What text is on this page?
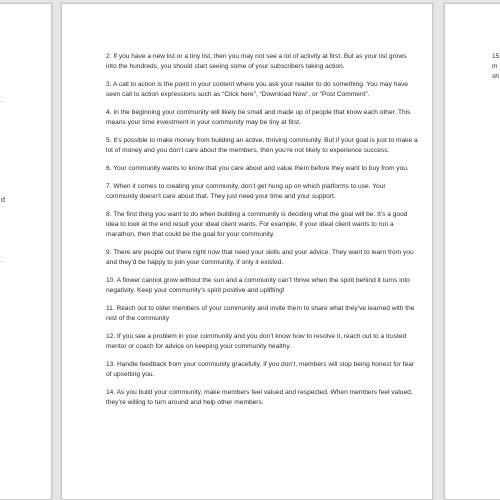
.
d
.

2. If you have a new list or a tiny list, then you may not see a lot of activity at first. But as your list grows into the hundreds, you should start seeing some of your subscribers taking action.

3. A call to action is the point in your content where you ask your reader to do something. You may have seen call to action expressions such as “Click here”, “Download Now”, or “Post Comment”.

4. In the beginning your community will likely be small and made up of people that know each other. This means your time investment in your community may be tiny at first.

5. It’s possible to make money from building an active, thriving community. But if your goal is just to make a lot of money and you don’t care about the members, then you’re not likely to experience success.

6. Your community wants to know that you care about and value them before they want to buy from you.

7. When it comes to creating your community, don’t get hung up on which platforms to use. Your community doesn’t care about that. They just need your time and your support.

8. The first thing you want to do when building a community is deciding what the goal will be. It’s a good idea to look at the end result your ideal client wants. For example, if your ideal client wants to run a marathon, then that could be the goal for your community.

9. There are people out there right now that need your skills and your advice. They want to learn from you and they’d be happy to join your community, if only it existed.

10. A flower cannot grow without the sun and a community can’t thrive when the spirit behind it turns into negativity. Keep your community’s spirit positive and uplifting!

11. Reach out to older members of your community and invite them to share what they’ve learned with the rest of the community

12. If you see a problem in your community and you don’t know how to resolve it, reach out to a trusted mentor or coach for advice on keeping your community healthy.

13. Handle feedback from your community gracefully. If you don’t, members will stop being honest for fear of upsetting you.

14. As you build your community, make members feel valued and respected. When members feel valued, they’re willing to turn around and help other members.

15
m
sh
